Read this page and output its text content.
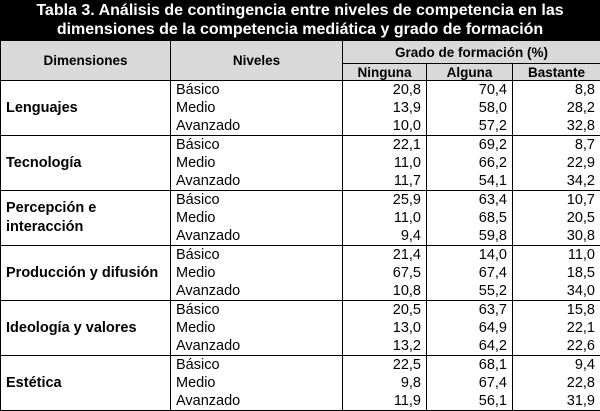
Tabla 3. Análisis de contingencia entre niveles de competencia en las
dimensiones de la competencia mediática y grado de formación
Dimensiones	Niveles	Grado de formación (%)		
		Ninguna	Alguna	Bastante
Lenguajes	Básico	20,8	70,4	8,8
	Medio	13,9	58,0	28,2
	Avanzado	10,0	57,2	32,8
Tecnología	Básico	22,1	69,2	8,7
	Medio	11,0	66,2	22,9
	Avanzado	11,7	54,1	34,2
Percepción e interacción	Básico	25,9	63,4	10,7
	Medio	11,0	68,5	20,5
	Avanzado	9,4	59,8	30,8
Producción y difusión	Básico	21,4	14,0	11,0
	Medio	67,5	67,4	18,5
	Avanzado	10,8	55,2	34,0
Ideología y valores	Básico	20,5	63,7	15,8
	Medio	13,0	64,9	22,1
	Avanzado	13,2	64,2	22,6
Estética	Básico	22,5	68,1	9,4
	Medio	9,8	67,4	22,8
	Avanzado	11,9	56,1	31,9
